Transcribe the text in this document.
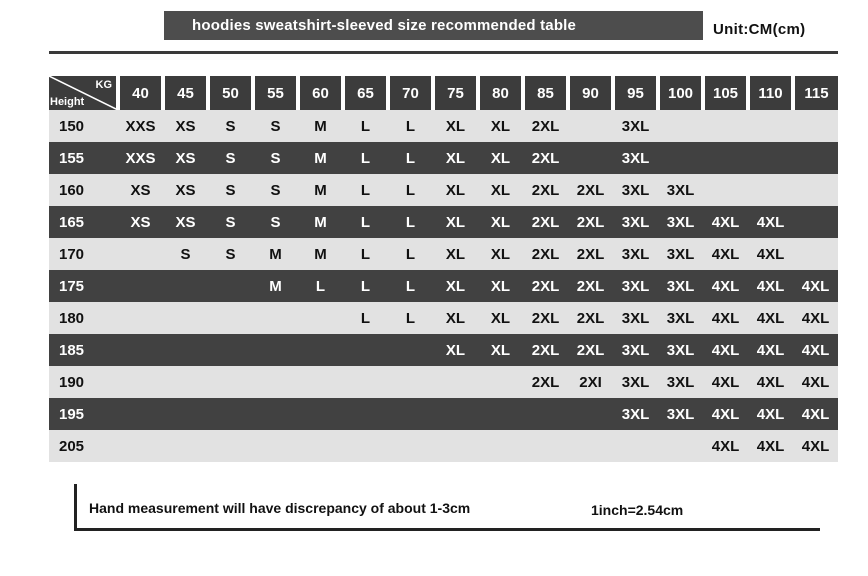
hoodies sweatshirt-sleeved size recommended table	Unit:CM(cm)
KG
Height	40	45	50	55	60	65	70	75	80	85	90	95	100	105	110	115
150	XXS	XS	S	S	M	L	L	XL	XL	2XL		3XL				
155	XXS	XS	S	S	M	L	L	XL	XL	2XL		3XL				
160	XS	XS	S	S	M	L	L	XL	XL	2XL	2XL	3XL	3XL			
165	XS	XS	S	S	M	L	L	XL	XL	2XL	2XL	3XL	3XL	4XL	4XL	
170		S	S	M	M	L	L	XL	XL	2XL	2XL	3XL	3XL	4XL	4XL	
175				M	L	L	L	XL	XL	2XL	2XL	3XL	3XL	4XL	4XL	4XL
180						L	L	XL	XL	2XL	2XL	3XL	3XL	4XL	4XL	4XL
185								XL	XL	2XL	2XL	3XL	3XL	4XL	4XL	4XL
190										2XL	2XI	3XL	3XL	4XL	4XL	4XL
195												3XL	3XL	4XL	4XL	4XL
205														4XL	4XL	4XL
Hand measurement will have discrepancy of about 1-3cm	1inch=2.54cm
